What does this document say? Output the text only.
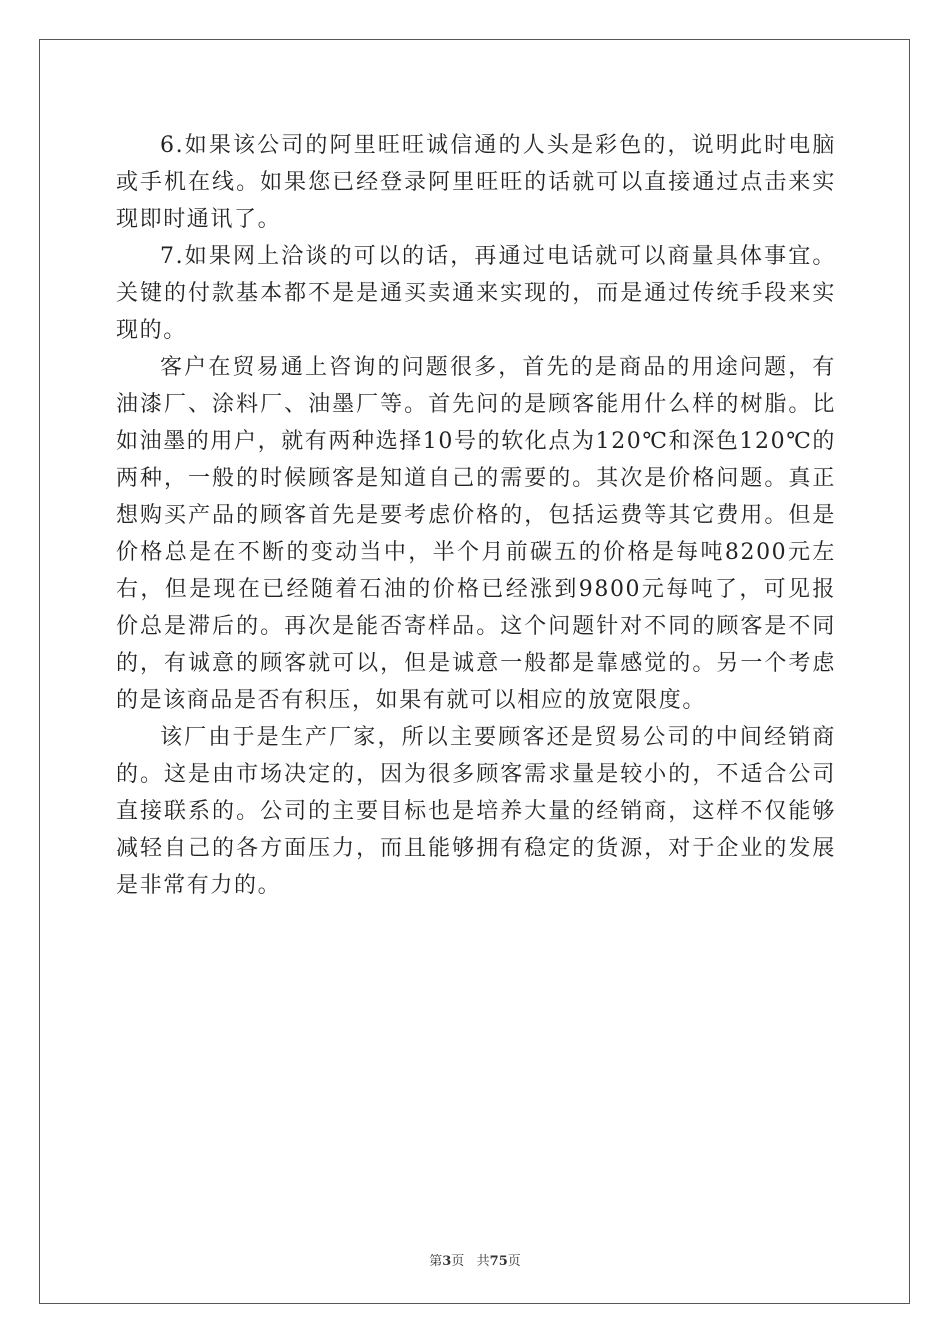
6.如果该公司的阿里旺旺诚信通的人头是彩色的，说明此时电脑或手机在线。如果您已经登录阿里旺旺的话就可以直接通过点击来实现即时通讯了。

7.如果网上洽谈的可以的话，再通过电话就可以商量具体事宜。关键的付款基本都不是是通买卖通来实现的，而是通过传统手段来实现的。

客户在贸易通上咨询的问题很多，首先的是商品的用途问题，有油漆厂、涂料厂、油墨厂等。首先问的是顾客能用什么样的树脂。比如油墨的用户，就有两种选择10号的软化点为120℃和深色120℃的两种，一般的时候顾客是知道自己的需要的。其次是价格问题。真正想购买产品的顾客首先是要考虑价格的，包括运费等其它费用。但是价格总是在不断的变动当中，半个月前碳五的价格是每吨8200元左右，但是现在已经随着石油的价格已经涨到9800元每吨了，可见报价总是滞后的。再次是能否寄样品。这个问题针对不同的顾客是不同的，有诚意的顾客就可以，但是诚意一般都是靠感觉的。另一个考虑的是该商品是否有积压，如果有就可以相应的放宽限度。

该厂由于是生产厂家，所以主要顾客还是贸易公司的中间经销商的。这是由市场决定的，因为很多顾客需求量是较小的，不适合公司直接联系的。公司的主要目标也是培养大量的经销商，这样不仅能够减轻自己的各方面压力，而且能够拥有稳定的货源，对于企业的发展是非常有力的。

第3页   共75页
